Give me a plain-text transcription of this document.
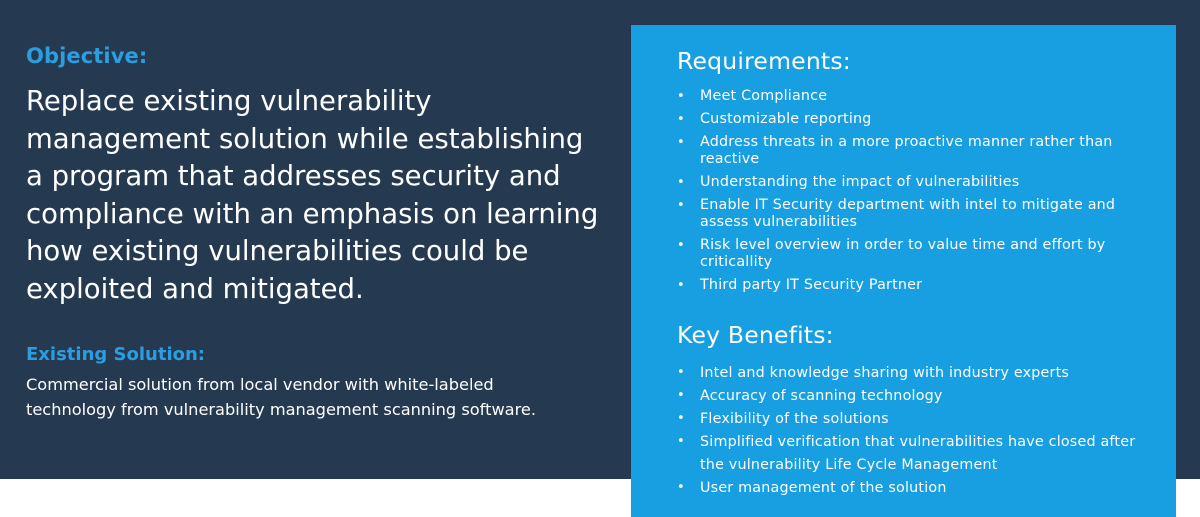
Objective:

Replace existing vulnerability management solution while establishing a program that addresses security and compliance with an emphasis on learning how existing vulnerabilities could be exploited and mitigated.

Existing Solution:

Commercial solution from local vendor with white-labeled technology from vulnerability management scanning software.

Requirements:
• Meet Compliance
• Customizable reporting
• Address threats in a more proactive manner rather than reactive
• Understanding the impact of vulnerabilities
• Enable IT Security department with intel to mitigate and assess vulnerabilities
• Risk level overview in order to value time and effort by criticallity
• Third party IT Security Partner
Key Benefits:
• Intel and knowledge sharing with industry experts
• Accuracy of scanning technology
• Flexibility of the solutions
• Simplified verification that vulnerabilities have closed after the vulnerability Life Cycle Management
• User management of the solution
